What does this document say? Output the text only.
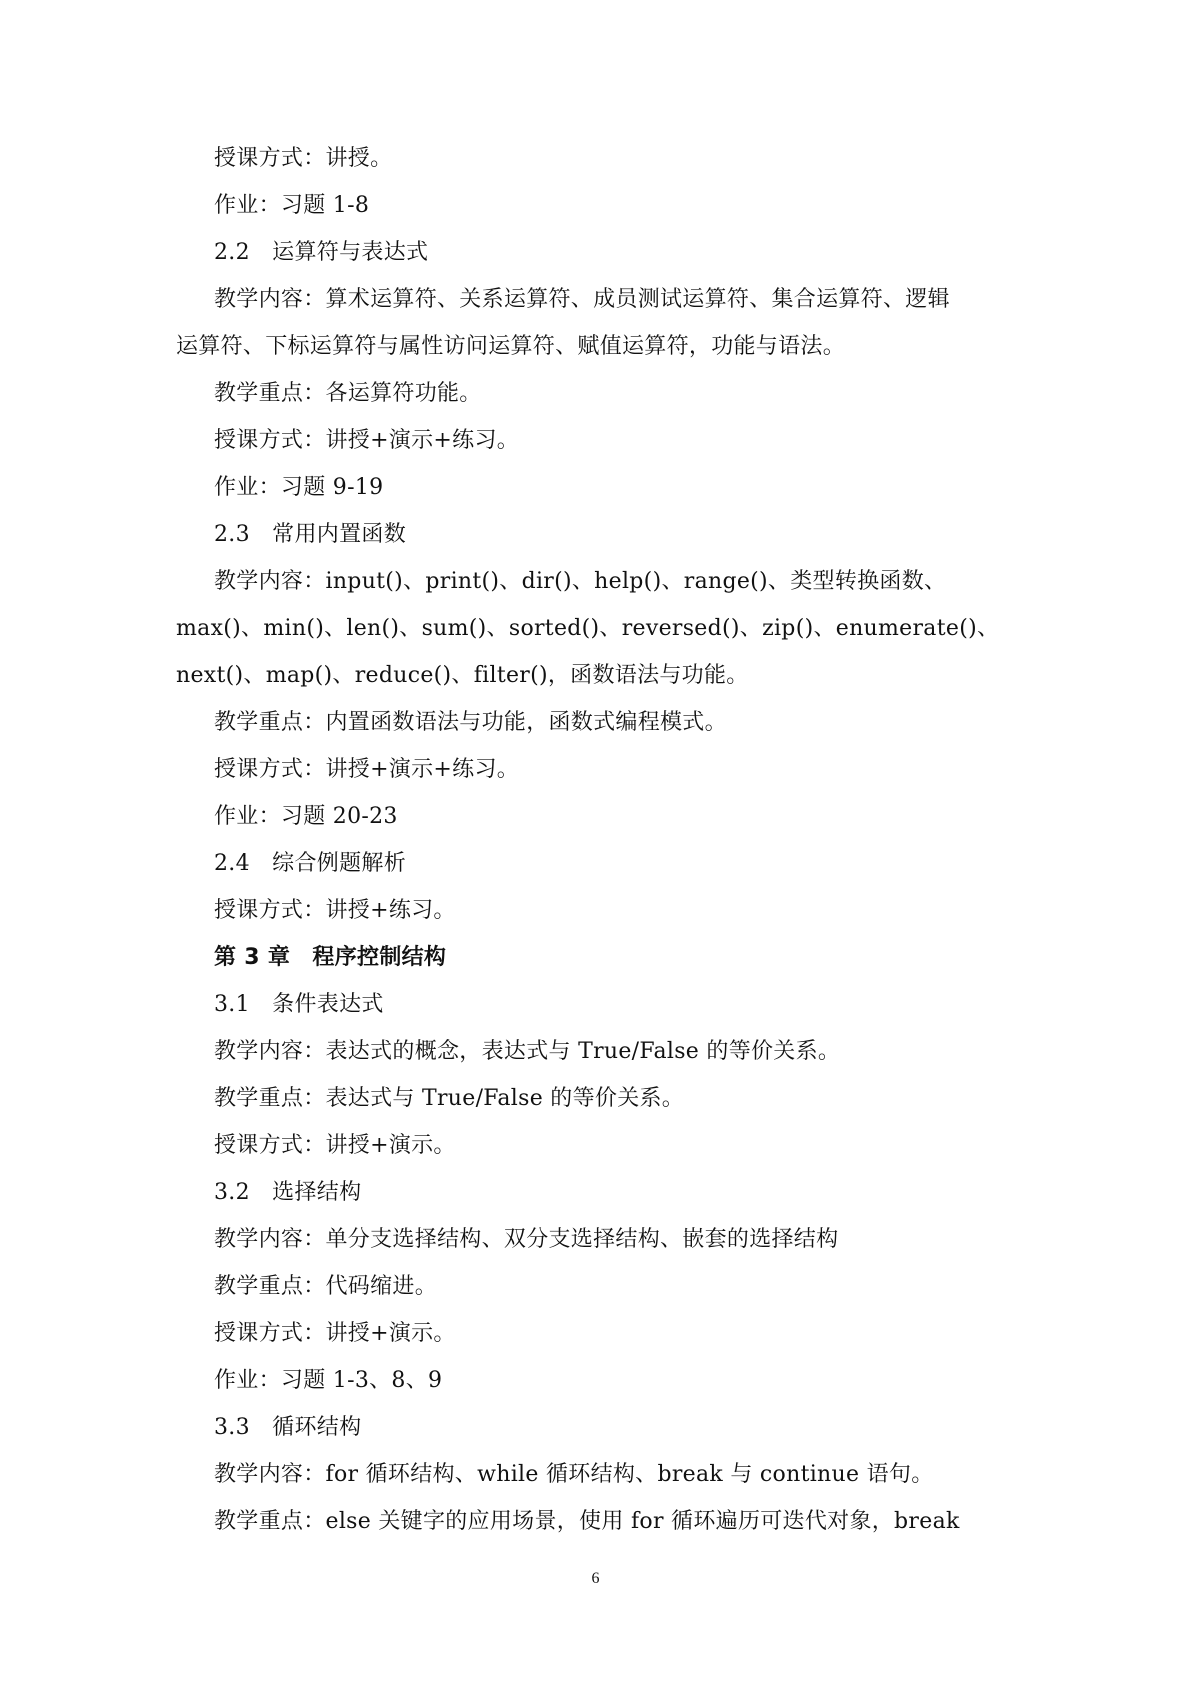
授课方式：讲授。
作业：习题 1-8
2.2　运算符与表达式
教学内容：算术运算符、关系运算符、成员测试运算符、集合运算符、逻辑
运算符、下标运算符与属性访问运算符、赋值运算符，功能与语法。
教学重点：各运算符功能。
授课方式：讲授+演示+练习。
作业：习题 9-19
2.3　常用内置函数
教学内容：input()、print()、dir()、help()、range()、类型转换函数、
max()、min()、len()、sum()、sorted()、reversed()、zip()、enumerate()、
next()、map()、reduce()、filter()，函数语法与功能。
教学重点：内置函数语法与功能，函数式编程模式。
授课方式：讲授+演示+练习。
作业：习题 20-23
2.4　综合例题解析
授课方式：讲授+练习。
第 3 章　程序控制结构
3.1　条件表达式
教学内容：表达式的概念，表达式与 True/False 的等价关系。
教学重点：表达式与 True/False 的等价关系。
授课方式：讲授+演示。
3.2　选择结构
教学内容：单分支选择结构、双分支选择结构、嵌套的选择结构
教学重点：代码缩进。
授课方式：讲授+演示。
作业：习题 1-3、8、9
3.3　循环结构
教学内容：for 循环结构、while 循环结构、break 与 continue 语句。
教学重点：else 关键字的应用场景，使用 for 循环遍历可迭代对象，break
6
